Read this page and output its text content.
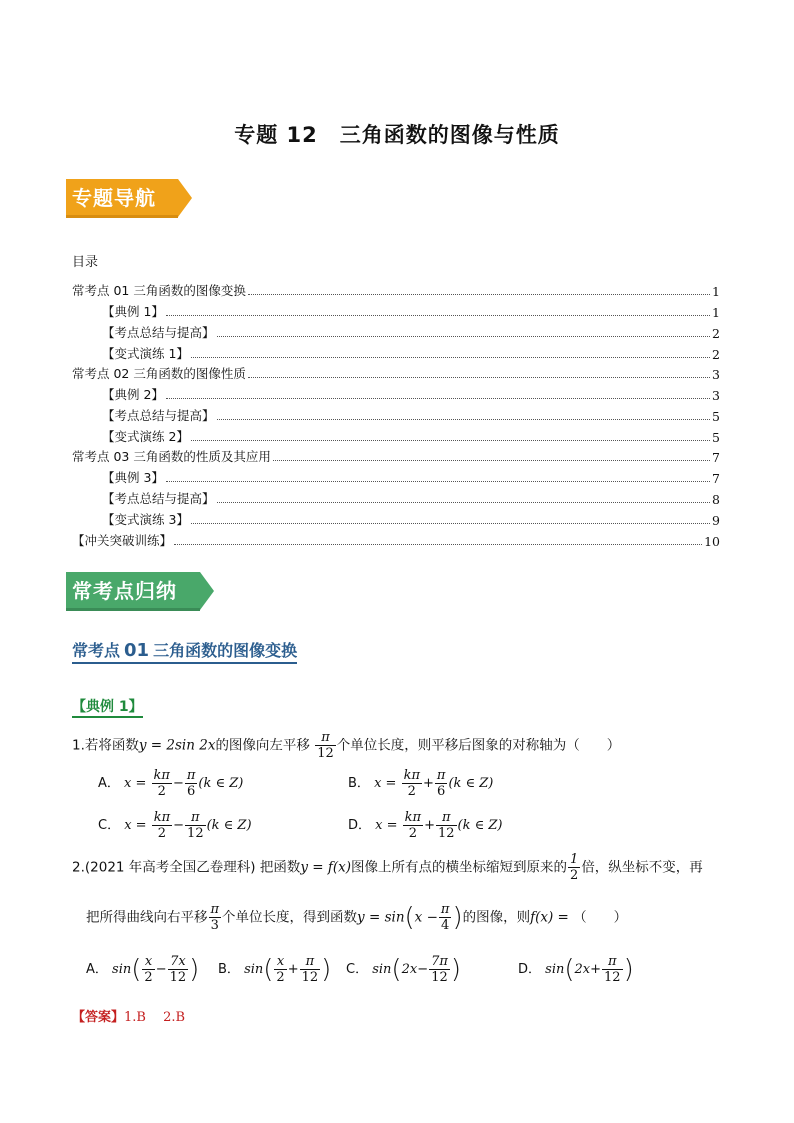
专题 12 三角函数的图像与性质
专题导航
目录
常考点 01 三角函数的图像变换	1
【典例 1】	1
【考点总结与提高】	2
【变式演练 1】	2
常考点 02 三角函数的图像性质	3
【典例 2】	3
【考点总结与提高】	5
【变式演练 2】	5
常考点 03 三角函数的性质及其应用	7
【典例 3】	7
【考点总结与提高】	8
【变式演练 3】	9
【冲关突破训练】	10
常考点归纳
常考点 01 三角函数的图像变换
【典例 1】
1.若将函数y = 2sin 2x的图像向左平移 $\frac{\pi}{12}$ 个单位长度，则平移后图象的对称轴为（　　）
A． $x = \frac{k\pi}{2} - \frac{\pi}{6} (k$ ∈ Z)	B． $x = \frac{k\pi}{2} + \frac{\pi}{6} (k$ ∈ Z)
C． $x = \frac{k\pi}{2} - \frac{\pi}{12} (k$ ∈ Z)	D． $x = \frac{k\pi}{2} + \frac{\pi}{12} (k$ ∈ Z)
2.(2021 年高考全国乙卷理科) 把函数y = f(x)图像上所有点的横坐标缩短到原来的 $\frac{1}{2}$ 倍，纵坐标不变，再
把所得曲线向右平移 $\frac{\pi}{3}$ 个单位长度，得到函数$y = \sin(x - \frac{\pi}{4}$ )的图像，则f(x) = （　　）
A． $\sin( \frac{x}{2} - \frac{7x}{12}$ ) B． $\sin( \frac{x}{2} + \frac{\pi}{12}$ ) C． $\sin(2x- \frac{7\pi}{12}$ )	D． $\sin(2x+ \frac{\pi}{12}$ )
【答案】1.B　 2.B
